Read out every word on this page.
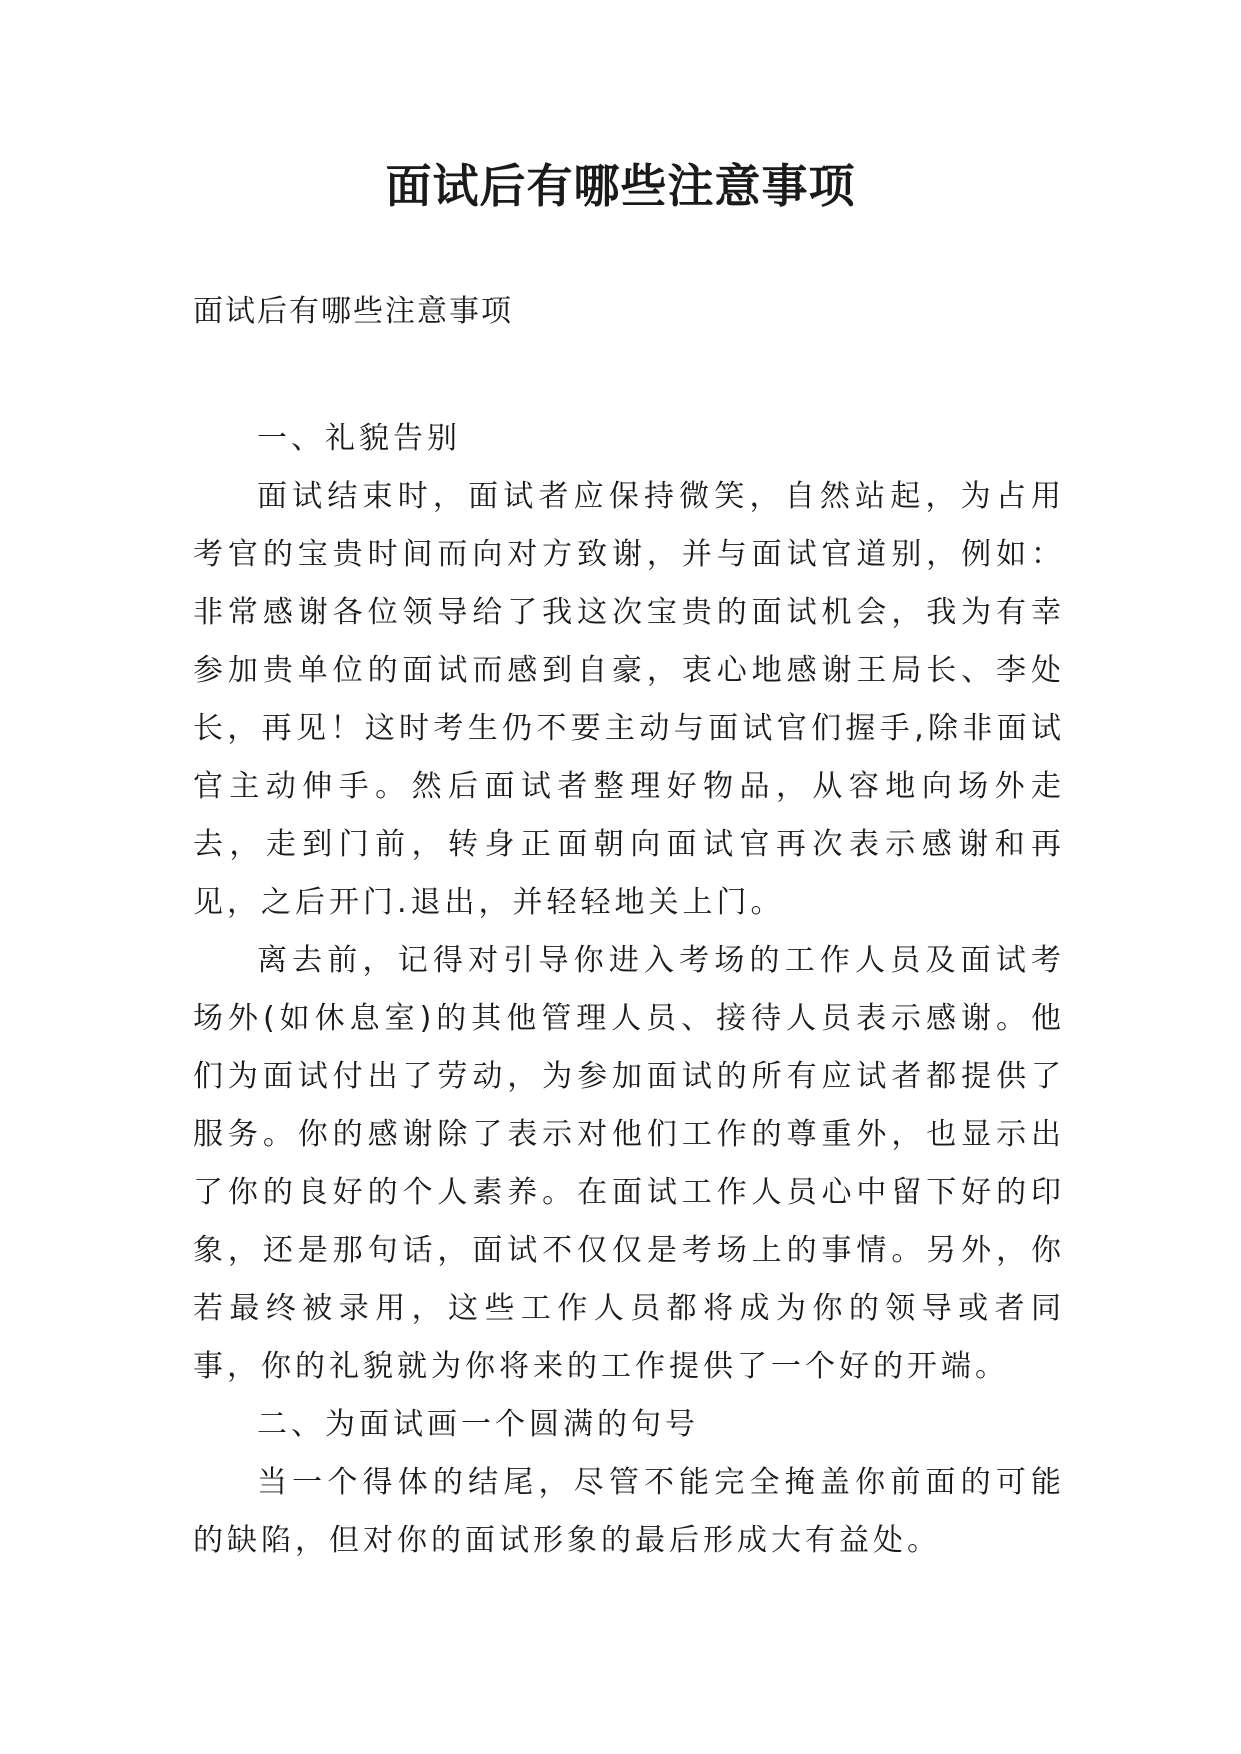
面试后有哪些注意事项
面试后有哪些注意事项

一、礼貌告别

面试结束时，面试者应保持微笑，自然站起，为占用考官的宝贵时间而向对方致谢，并与面试官道别，例如：非常感谢各位领导给了我这次宝贵的面试机会，我为有幸参加贵单位的面试而感到自豪，衷心地感谢王局长、李处长，再见！这时考生仍不要主动与面试官们握手,除非面试官主动伸手。然后面试者整理好物品，从容地向场外走去，走到门前，转身正面朝向面试官再次表示感谢和再见，之后开门.退出，并轻轻地关上门。

离去前，记得对引导你进入考场的工作人员及面试考场外(如休息室)的其他管理人员、接待人员表示感谢。他们为面试付出了劳动，为参加面试的所有应试者都提供了服务。你的感谢除了表示对他们工作的尊重外，也显示出了你的良好的个人素养。在面试工作人员心中留下好的印象，还是那句话，面试不仅仅是考场上的事情。另外，你若最终被录用，这些工作人员都将成为你的领导或者同事，你的礼貌就为你将来的工作提供了一个好的开端。

二、为面试画一个圆满的句号

当一个得体的结尾，尽管不能完全掩盖你前面的可能的缺陷，但对你的面试形象的最后形成大有益处。
